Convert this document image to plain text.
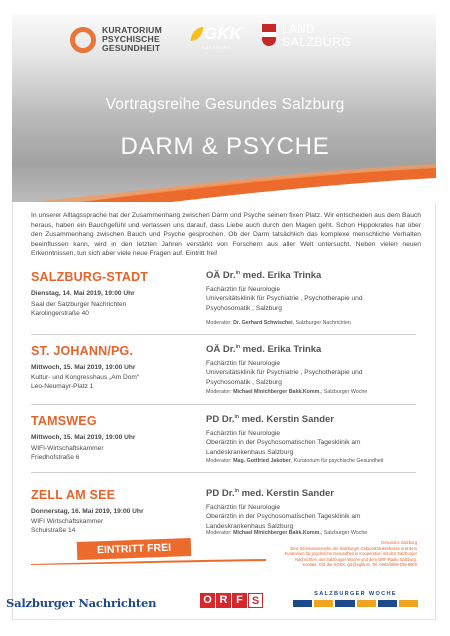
KURATORIUM
PSYCHISCHE
GESUNDHEIT
GKK
SALZBURG
LAND
SALZBURG
Vortragsreihe Gesundes Salzburg
DARM & PSYCHE

In unserer Alltagssprache hat der Zusammenhang zwischen Darm und Psyche seinen fixen Platz. Wir entscheiden aus dem Bauch heraus, haben ein Bauchgefühl und verlassen uns darauf, dass Liebe auch durch den Magen geht. Schon Hippokrates hat über den Zusammenhang zwischen Bauch und Psyche gesprochen. Ob der Darm tatsächlich das komplexe menschliche Verhalten beeinflussen kann, wird in den letzten Jahren verstärkt von Forschern aus aller Welt untersucht. Neben vielen neuen Erkenntnissen, tun sich aber viele neue Fragen auf. Eintritt frei!

SALZBURG-STADT
Dienstag, 14. Mai 2019, 19:00 Uhr
Saal der Salzburger Nachrichten
Karolingerstraße 40
OÄ Dr.$^{in}$ med. Erika Trinka
Fachärztin für Neurologie
Universitätsklinik für Psychiatrie , Psychotherapie und
Psychosomatik , Salzburg
Moderator: Dr. Gerhard Schwischei, Salzburger Nachrichten
ST. JOHANN/PG.
Mittwoch, 15. Mai 2019, 19:00 Uhr
Kultur- und Kongresshaus „Am Dom“
Leo-Neumayr-Platz 1
OÄ Dr.$^{in}$ med. Erika Trinka
Fachärztin für Neurologie
Universitätsklinik für Psychiatrie , Psychotherapie und
Psychosomatik , Salzburg
Moderator: Michael Minichberger Bakk.Komm., Salzburger Woche
TAMSWEG
Mittwoch, 15. Mai 2019, 19:00 Uhr
WIFI-Wirtschaftskammer
Friedhofstraße 6
PD Dr.$^{in}$ med. Kerstin Sander
Fachärztin für Neurologie
Oberärztin in der Psychosomatischen Tagesklinik am
Landeskrankenhaus Salzburg
Moderator: Mag. Gottfried Jakober, Kuratorium für psychische Gesundheit
ZELL AM SEE
Donnerstag, 16. Mai 2019, 19:00 Uhr
WIFI Wirtschaftskammer
Schulstraße 14
PD Dr.$^{in}$ med. Kerstin Sander
Fachärztin für Neurologie
Oberärztin in der Psychosomatischen Tagesklinik am
Landeskrankenhaus Salzburg
Moderator: Michael Minichberger Bakk.Komm., Salzburger Woche
EINTRITT FREI	Gesundes Salzburg
Eine Informationsreihe der Salzburger Gebietskrankenkasse und dem
Kuratorium für psychische Gesundheit in Kooperation mit den Salzburger
Nachrichten, der Salzburger Woche und dem ORF Radio Salzburg.
Kontakt: GIZ der SGKK, giz@sgkk.at, Tel. 0662/8889 DW 8800
Salzburger Nachrichten	O R F S
SALZBURGER WOCHE
